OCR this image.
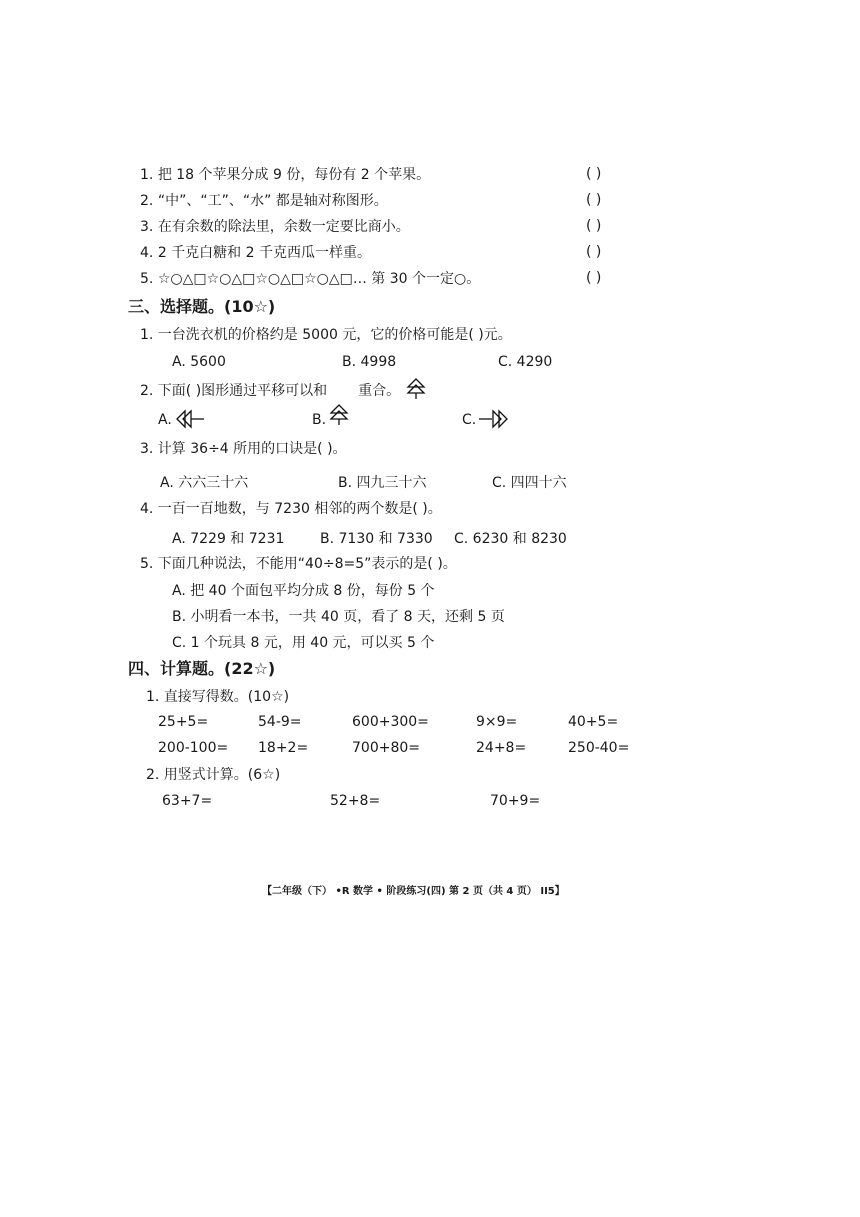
1. 把 18 个苹果分成 9 份，每份有 2 个苹果。	( )
2. “中”、“工”、“水” 都是轴对称图形。	( )
3. 在有余数的除法里，余数一定要比商小。	( )
4. 2 千克白糖和 2 千克西瓜一样重。	( )
5. ☆○△□☆○△□☆○△□☆○△□… 第 30 个一定○。	( )
三、选择题。(10☆)
1. 一台洗衣机的价格约是 5000 元，它的价格可能是( )元。
A. 5600	B. 4998	C. 4290
2. 下面( )图形通过平移可以和 重合。
A.	B.	C.
3. 计算 36÷4 所用的口诀是( )。
A. 六六三十六	B. 四九三十六	C. 四四十六
4. 一百一百地数，与 7230 相邻的两个数是( )。
A. 7229 和 7231	B. 7130 和 7330 C. 6230 和 8230
5. 下面几种说法，不能用“40÷8=5”表示的是( )。
A. 把 40 个面包平均分成 8 份，每份 5 个
B. 小明看一本书，一共 40 页，看了 8 天，还剩 5 页
C. 1 个玩具 8 元，用 40 元，可以买 5 个
四、计算题。(22☆)
1. 直接写得数。(10☆)
25+5=	54-9=	600+300=	9×9=	40+5=
200-100= 18+2=	700+80=	24+8=	250-40=
2. 用竖式计算。(6☆)
63+7=	52+8=	70+9=
【二年级（下） •R 数学 • 阶段练习(四) 第 2 页（共 4 页） II5】
